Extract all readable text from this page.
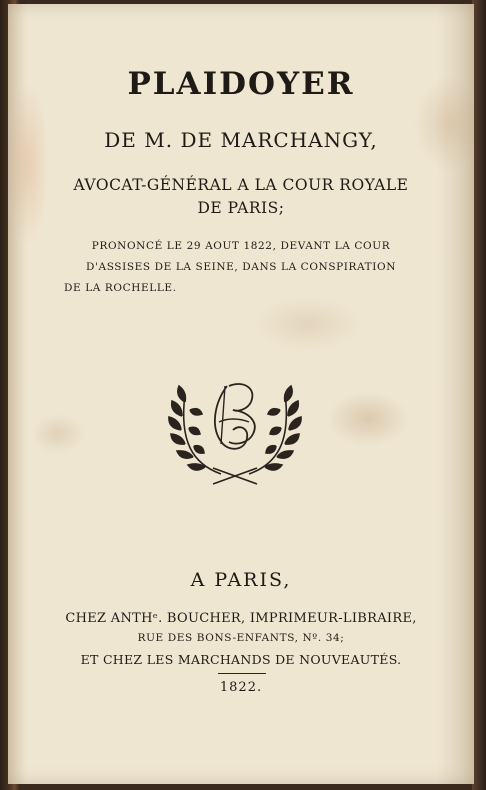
PLAIDOYER

DE M. DE MARCHANGY,

AVOCAT-GÉNÉRAL A LA COUR ROYALE

DE PARIS;

PRONONCÉ LE 29 AOUT 1822, DEVANT LA COUR

D'ASSISES DE LA SEINE, DANS LA CONSPIRATION

DE LA ROCHELLE.

A PARIS,

CHEZ ANTHᵉ. BOUCHER, IMPRIMEUR-LIBRAIRE,

RUE DES BONS-ENFANTS, Nº. 34;

ET CHEZ LES MARCHANDS DE NOUVEAUTÉS.

1822.
